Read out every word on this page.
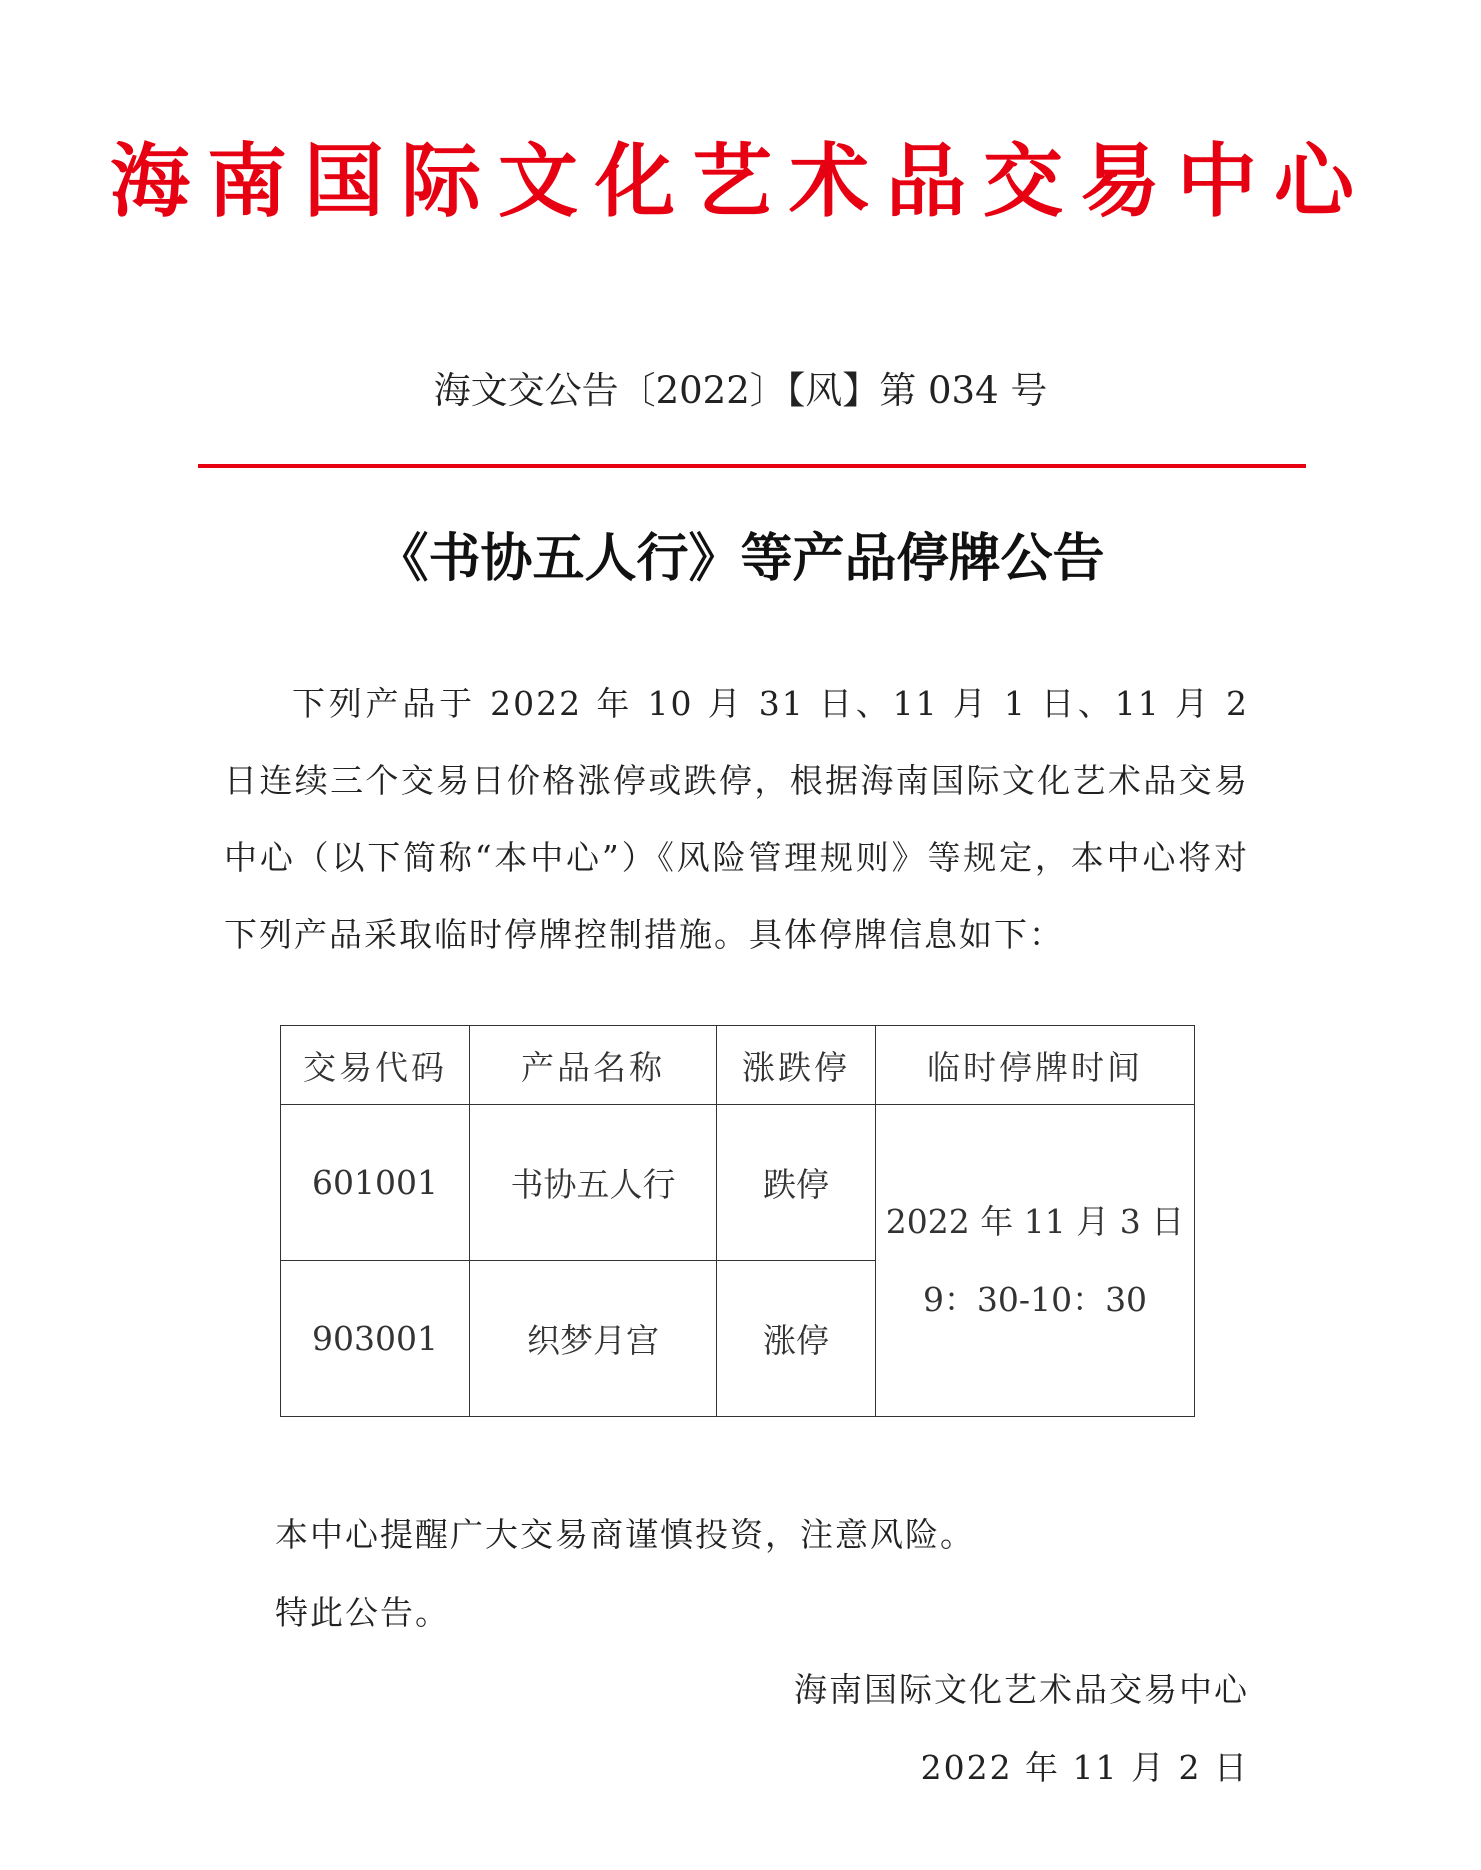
海南国际文化艺术品交易中心
海文交公告〔2022〕【风】第 034 号
《书协五人行》等产品停牌公告
下列产品于 2022 年 10 月 31 日、11 月 1 日、11 月 2 日连续三个交易日价格涨停或跌停，根据海南国际文化艺术品交易中心（以下简称“本中心”）《风险管理规则》等规定，本中心将对下列产品采取临时停牌控制措施。具体停牌信息如下：
交易代码	产品名称	涨跌停	临时停牌时间
601001	书协五人行	跌停	2022 年 11 月 3 日
9：30-10：30

903001	织梦月宫	涨停	
本中心提醒广大交易商谨慎投资，注意风险。
特此公告。
海南国际文化艺术品交易中心
2022 年 11 月 2 日
